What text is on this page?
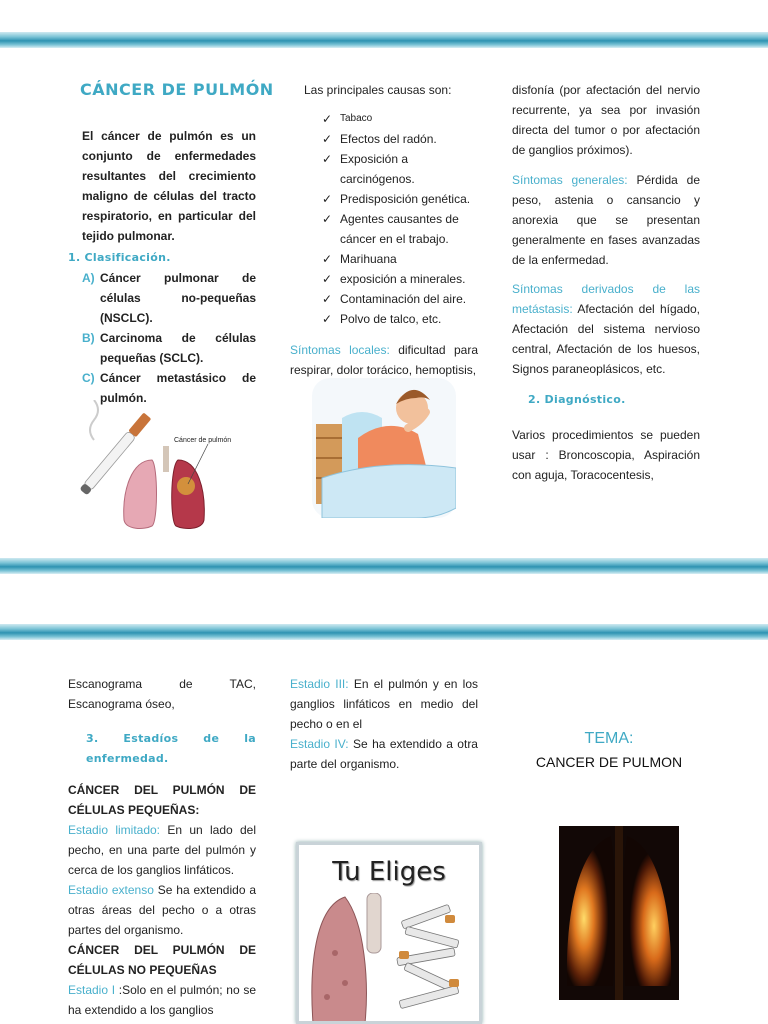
CÁNCER DE PULMÓN
El cáncer de pulmón es un conjunto de enfermedades resultantes del crecimiento maligno de células del tracto respiratorio, en particular del tejido pulmonar.
1. Clasificación.
A) Cáncer pulmonar de células no-pequeñas (NSCLC).
B) Carcinoma de células pequeñas (SCLC).
C) Cáncer metastásico de pulmón.
Cáncer de pulmón
Las principales causas son:
✓ Tabaco
✓ Efectos del radón.
✓ Exposición a carcinógenos.
✓ Predisposición genética.
✓ Agentes causantes de cáncer en el trabajo.
✓ Marihuana
✓ exposición a minerales.
✓ Contaminación del aire.
✓ Polvo de talco, etc.
Síntomas locales: dificultad para respirar, dolor torácico, hemoptisis,
disfonía (por afectación del nervio recurrente, ya sea por invasión directa del tumor o por afectación de ganglios próximos).
Síntomas generales: Pérdida de peso, astenia o cansancio y anorexia que se presentan generalmente en fases avanzadas de la enfermedad.
Síntomas derivados de las metástasis: Afectación del hígado, Afectación del sistema nervioso central, Afectación de los huesos, Signos paraneoplásicos, etc.
2. Diagnóstico.
Varios procedimientos se pueden usar : Broncoscopia, Aspiración con aguja, Toracocentesis,
Escanograma de TAC, Escanograma óseo,
3. Estadíos de la enfermedad.
CÁNCER DEL PULMÓN DE CÉLULAS PEQUEÑAS:
Estadio limitado: En un lado del pecho, en una parte del pulmón y cerca de los ganglios linfáticos.
Estadio extenso Se ha extendido a otras áreas del pecho o a otras partes del organismo.
CÁNCER DEL PULMÓN DE CÉLULAS NO PEQUEÑAS
Estadio I :Solo en el pulmón; no se ha extendido a los ganglios
Estadio III: En el pulmón y en los ganglios linfáticos en medio del pecho o en el
Estadio IV: Se ha extendido a otra parte del organismo.
Tu Eliges
TEMA:
CANCER DE PULMON
